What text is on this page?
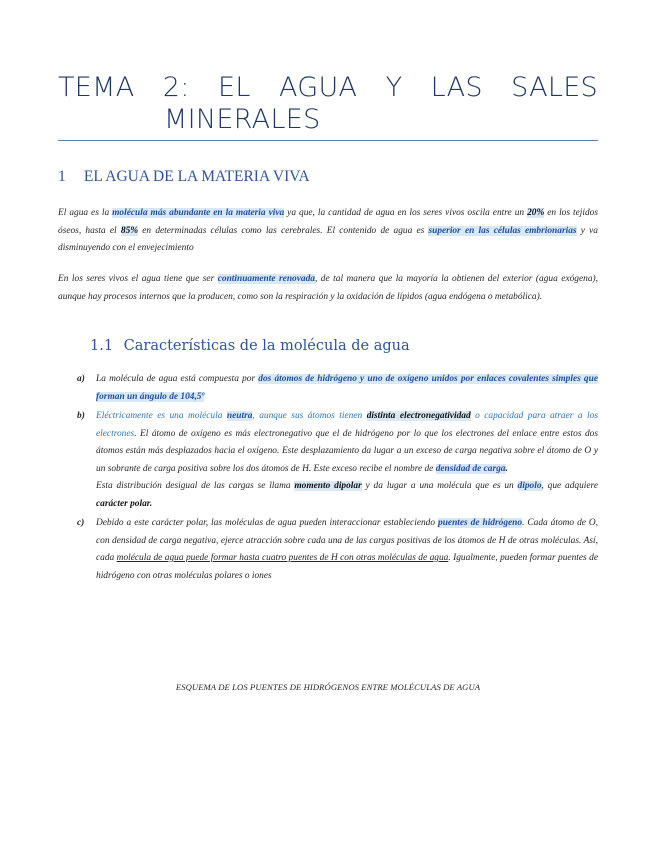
TEMA 2: EL AGUA Y LAS SALES
MINERALES
1 EL AGUA DE LA MATERIA VIVA

El agua es la molécula más abundante en la materia viva ya que, la cantidad de agua en los seres vivos oscila entre un 20% en los tejidos óseos, hasta el 85% en determinadas células como las cerebrales. El contenido de agua es superior en las células embrionarias y va disminuyendo con el envejecimiento

En los seres vivos el agua tiene que ser continuamente renovada, de tal manera que la mayoría la obtienen del exterior (agua exógena), aunque hay procesos internos que la producen, como son la respiración y la oxidación de lípidos (agua endógena o metabólica).

1.1 Características de la molécula de agua
a) La molécula de agua está compuesta por dos átomos de hidrógeno y uno de oxígeno unidos por enlaces covalentes simples que forman un ángulo de 104,5º
b) Eléctricamente es una molécula neutra, aunque sus átomos tienen distinta electronegatividad o capacidad para atraer a los electrones. El átomo de oxígeno es más electronegativo que el de hidrógeno por lo que los electrones del enlace entre estos dos átomos están más desplazados hacia el oxígeno. Este desplazamiento da lugar a un exceso de carga negativa sobre el átomo de O y un sobrante de carga positiva sobre los dos átomos de H. Este exceso recibe el nombre de densidad de carga.
Esta distribución desigual de las cargas se llama momento dipolar y da lugar a una molécula que es un dipolo, que adquiere carácter polar.
c) Debido a este carácter polar, las moléculas de agua pueden interaccionar estableciendo puentes de hidrógeno. Cada átomo de O, con densidad de carga negativa, ejerce atracción sobre cada una de las cargas positivas de los átomos de H de otras moléculas. Así, cada molécula de agua puede formar hasta cuatro puentes de H con otras moléculas de agua. Igualmente, pueden formar puentes de hidrógeno con otras moléculas polares o iones
ESQUEMA DE LOS PUENTES DE HIDRÓGENOS ENTRE MOLÉCULAS DE AGUA
